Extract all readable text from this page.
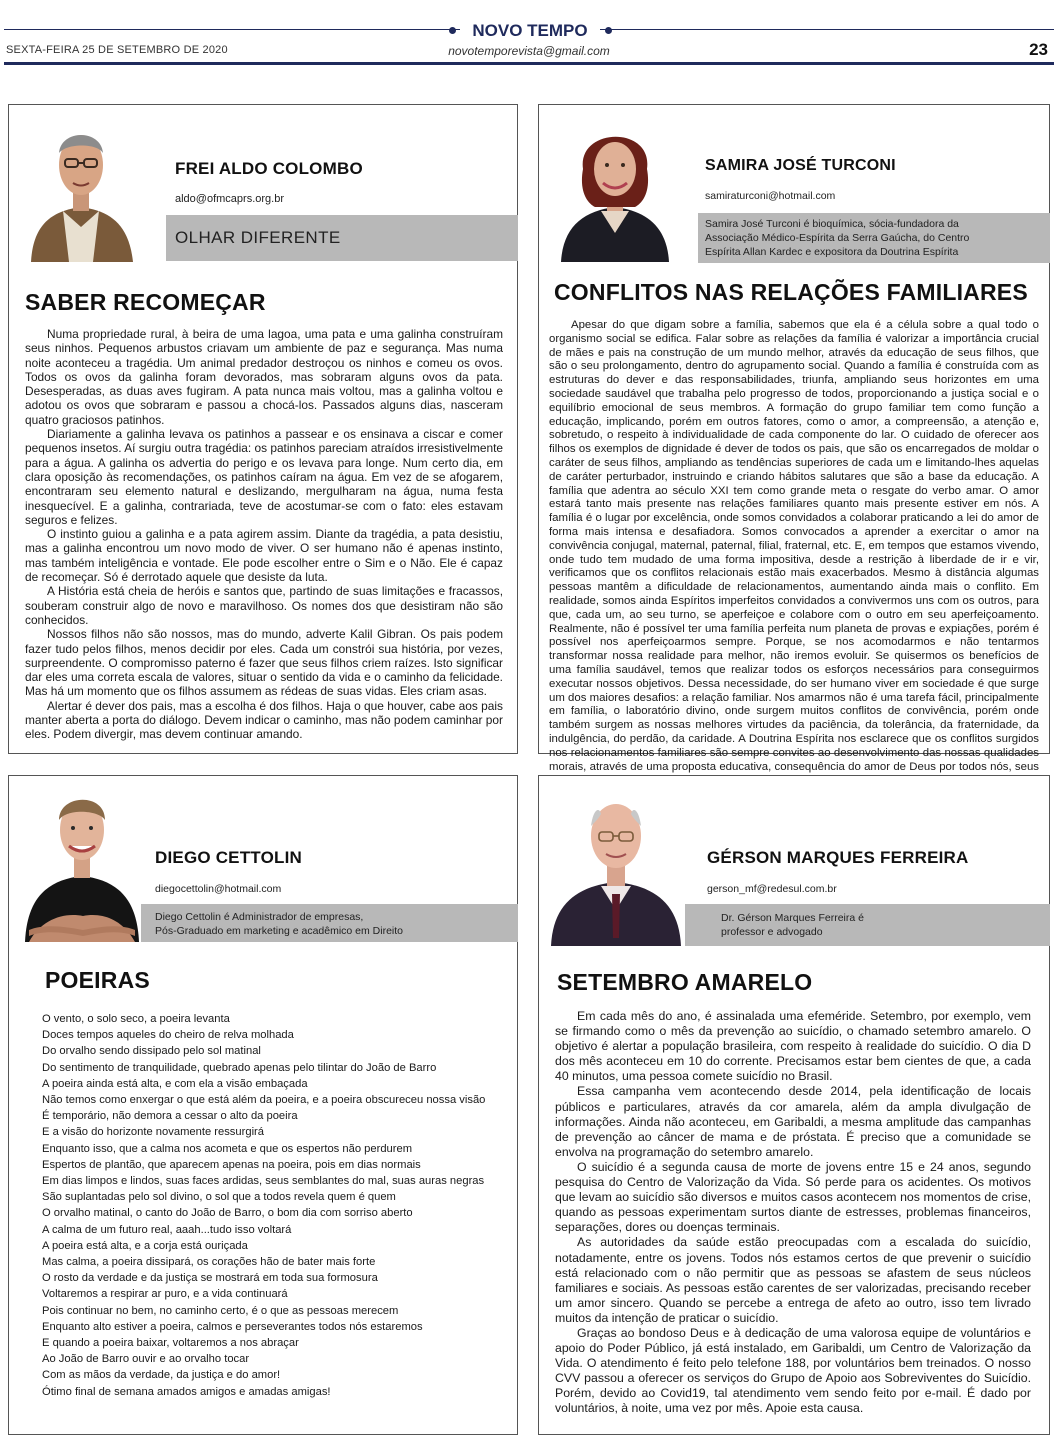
NOVO TEMPO
SEXTA-FEIRA 25 DE SETEMBRO DE 2020	novotemporevista@gmail.com	23
FREI ALDO COLOMBO
aldo@ofmcaprs.org.br
OLHAR DIFERENTE
SABER RECOMEÇAR

Numa propriedade rural, à beira de uma lagoa, uma pata e uma galinha construíram seus ninhos. Pequenos arbustos criavam um ambiente de paz e segurança. Mas numa noite aconteceu a tragédia. Um animal predador destroçou os ninhos e comeu os ovos. Todos os ovos da galinha foram devorados, mas sobraram alguns ovos da pata. Desesperadas, as duas aves fugiram. A pata nunca mais voltou, mas a galinha voltou e adotou os ovos que sobraram e passou a chocá-los. Passados alguns dias, nasceram quatro graciosos patinhos.

Diariamente a galinha levava os patinhos a passear e os ensinava a ciscar e comer pequenos insetos. Aí surgiu outra tragédia: os patinhos pareciam atraídos irresistivelmente para a água. A galinha os advertia do perigo e os levava para longe. Num certo dia, em clara oposição às recomendações, os patinhos caíram na água. Em vez de se afogarem, encontraram seu elemento natural e deslizando, mergulharam na água, numa festa inesquecível. E a galinha, contrariada, teve de acostumar-se com o fato: eles estavam seguros e felizes.

O instinto guiou a galinha e a pata agirem assim. Diante da tragédia, a pata desistiu, mas a galinha encontrou um novo modo de viver. O ser humano não é apenas instinto, mas também inteligência e vontade. Ele pode escolher entre o Sim e o Não. Ele é capaz de recomeçar. Só é derrotado aquele que desiste da luta.

A História está cheia de heróis e santos que, partindo de suas limitações e fracassos, souberam construir algo de novo e maravilhoso. Os nomes dos que desistiram não são conhecidos.

Nossos filhos não são nossos, mas do mundo, adverte Kalil Gibran. Os pais podem fazer tudo pelos filhos, menos decidir por eles. Cada um constrói sua história, por vezes, surpreendente. O compromisso paterno é fazer que seus filhos criem raízes. Isto significar dar eles uma correta escala de valores, situar o sentido da vida e o caminho da felicidade. Mas há um momento que os filhos assumem as rédeas de suas vidas. Eles criam asas.

Alertar é dever dos pais, mas a escolha é dos filhos. Haja o que houver, cabe aos pais manter aberta a porta do diálogo. Devem indicar o caminho, mas não podem caminhar por eles. Podem divergir, mas devem continuar amando.

SAMIRA JOSÉ TURCONI
samiraturconi@hotmail.com
Samira José Turconi é bioquímica, sócia-fundadora da Associação Médico-Espírita da Serra Gaúcha, do Centro Espírita Allan Kardec e expositora da Doutrina Espírita
CONFLITOS NAS RELAÇÕES FAMILIARES

Apesar do que digam sobre a família, sabemos que ela é a célula sobre a qual todo o organismo social se edifica. Falar sobre as relações da família é valorizar a importância crucial de mães e pais na construção de um mundo melhor, através da educação de seus filhos, que são o seu prolongamento, dentro do agrupamento social. Quando a família é construída com as estruturas do dever e das responsabilidades, triunfa, ampliando seus horizontes em uma sociedade saudável que trabalha pelo progresso de todos, proporcionando a justiça social e o equilíbrio emocional de seus membros. A formação do grupo familiar tem como função a educação, implicando, porém em outros fatores, como o amor, a compreensão, a atenção e, sobretudo, o respeito à individualidade de cada componente do lar. O cuidado de oferecer aos filhos os exemplos de dignidade é dever de todos os pais, que são os encarregados de moldar o caráter de seus filhos, ampliando as tendências superiores de cada um e limitando-lhes aquelas de caráter perturbador, instruindo e criando hábitos salutares que são a base da educação. A família que adentra ao século XXI tem como grande meta o resgate do verbo amar. O amor estará tanto mais presente nas relações familiares quanto mais presente estiver em nós. A família é o lugar por excelência, onde somos convidados a colaborar praticando a lei do amor de forma mais intensa e desafiadora. Somos convocados a aprender a exercitar o amor na convivência conjugal, maternal, paternal, filial, fraternal, etc. E, em tempos que estamos vivendo, onde tudo tem mudado de uma forma impositiva, desde a restrição à liberdade de ir e vir, verificamos que os conflitos relacionais estão mais exacerbados. Mesmo à distância algumas pessoas mantêm a dificuldade de relacionamentos, aumentando ainda mais o conflito. Em realidade, somos ainda Espíritos imperfeitos convidados a convivermos uns com os outros, para que, cada um, ao seu turno, se aperfeiçoe e colabore com o outro em seu aperfeiçoamento. Realmente, não é possível ter uma família perfeita num planeta de provas e expiações, porém é possível nos aperfeiçoarmos sempre. Porque, se nos acomodarmos e não tentarmos transformar nossa realidade para melhor, não iremos evoluir. Se quisermos os benefícios de uma família saudável, temos que realizar todos os esforços necessários para conseguirmos executar nossos objetivos. Dessa necessidade, do ser humano viver em sociedade é que surge um dos maiores desafios: a relação familiar. Nos amarmos não é uma tarefa fácil, principalmente em família, o laboratório divino, onde surgem muitos conflitos de convivência, porém onde também surgem as nossas melhores virtudes da paciência, da tolerância, da fraternidade, da indulgência, do perdão, da caridade. A Doutrina Espírita nos esclarece que os conflitos surgidos nos relacionamentos familiares são sempre convites ao desenvolvimento das nossas qualidades morais, através de uma proposta educativa, consequência do amor de Deus por todos nós, seus

DIEGO CETTOLIN
diegocettolin@hotmail.com
Diego Cettolin é Administrador de empresas,
Pós-Graduado em marketing e acadêmico em Direito
POEIRAS
O vento, o solo seco, a poeira levanta
Doces tempos aqueles do cheiro de relva molhada
Do orvalho sendo dissipado pelo sol matinal
Do sentimento de tranquilidade, quebrado apenas pelo tilintar do João de Barro
A poeira ainda está alta, e com ela a visão embaçada
Não temos como enxergar o que está além da poeira, e a poeira obscureceu nossa visão
É temporário, não demora a cessar o alto da poeira
E a visão do horizonte novamente ressurgirá
Enquanto isso, que a calma nos acometa e que os espertos não perdurem
Espertos de plantão, que aparecem apenas na poeira, pois em dias normais
Em dias limpos e lindos, suas faces ardidas, seus semblantes do mal, suas auras negras
São suplantadas pelo sol divino, o sol que a todos revela quem é quem
O orvalho matinal, o canto do João de Barro, o bom dia com sorriso aberto
A calma de um futuro real, aaah...tudo isso voltará
A poeira está alta, e a corja está ouriçada
Mas calma, a poeira dissipará, os corações hão de bater mais forte
O rosto da verdade e da justiça se mostrará em toda sua formosura
Voltaremos a respirar ar puro, e a vida continuará
Pois continuar no bem, no caminho certo, é o que as pessoas merecem
Enquanto alto estiver a poeira, calmos e perseverantes todos nós estaremos
E quando a poeira baixar, voltaremos a nos abraçar
Ao João de Barro ouvir e ao orvalho tocar
Com as mãos da verdade, da justiça e do amor!
Ótimo final de semana amados amigos e amadas amigas!
GÉRSON MARQUES FERREIRA
gerson_mf@redesul.com.br
Dr. Gérson Marques Ferreira é
professor e advogado
SETEMBRO AMARELO

Em cada mês do ano, é assinalada uma efeméride. Setembro, por exemplo, vem se firmando como o mês da prevenção ao suicídio, o chamado setembro amarelo. O objetivo é alertar a população brasileira, com respeito à realidade do suicídio. O dia D dos mês aconteceu em 10 do corrente. Precisamos estar bem cientes de que, a cada 40 minutos, uma pessoa comete suicídio no Brasil.

Essa campanha vem acontecendo desde 2014, pela identificação de locais públicos e particulares, através da cor amarela, além da ampla divulgação de informações. Ainda não aconteceu, em Garibaldi, a mesma amplitude das campanhas de prevenção ao câncer de mama e de próstata. É preciso que a comunidade se envolva na programação do setembro amarelo.

O suicídio é a segunda causa de morte de jovens entre 15 e 24 anos, segundo pesquisa do Centro de Valorização da Vida. Só perde para os acidentes. Os motivos que levam ao suicídio são diversos e muitos casos acontecem nos momentos de crise, quando as pessoas experimentam surtos diante de estresses, problemas financeiros, separações, dores ou doenças terminais.

As autoridades da saúde estão preocupadas com a escalada do suicídio, notadamente, entre os jovens. Todos nós estamos certos de que prevenir o suicídio está relacionado com o não permitir que as pessoas se afastem de seus núcleos familiares e sociais. As pessoas estão carentes de ser valorizadas, precisando receber um amor sincero. Quando se percebe a entrega de afeto ao outro, isso tem livrado muitos da intenção de praticar o suicídio.

Graças ao bondoso Deus e à dedicação de uma valorosa equipe de voluntários e apoio do Poder Público, já está instalado, em Garibaldi, um Centro de Valorização da Vida. O atendimento é feito pelo telefone 188, por voluntários bem treinados. O nosso CVV passou a oferecer os serviços do Grupo de Apoio aos Sobreviventes do Suicídio. Porém, devido ao Covid19, tal atendimento vem sendo feito por e-mail. É dado por voluntários, à noite, uma vez por mês. Apoie esta causa.
